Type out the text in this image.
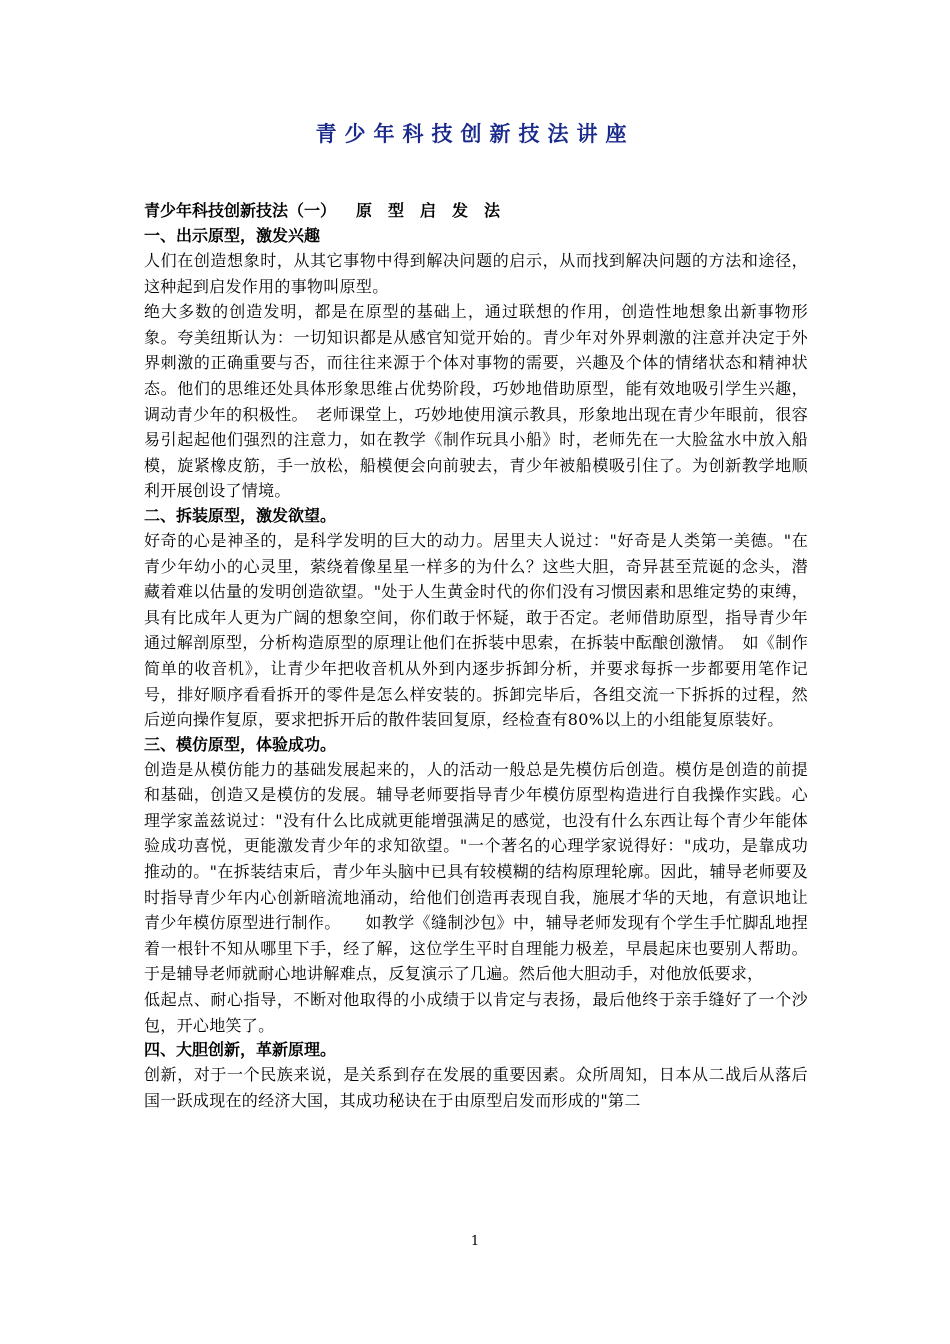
青少年科技创新技法讲座

青少年科技创新技法（一） 原型启发法

一、出示原型，激发兴趣

人们在创造想象时，从其它事物中得到解决问题的启示，从而找到解决问题的方法和途径，这种起到启发作用的事物叫原型。

绝大多数的创造发明，都是在原型的基础上，通过联想的作用，创造性地想象出新事物形象。夸美纽斯认为：一切知识都是从感官知觉开始的。青少年对外界刺激的注意并决定于外界刺激的正确重要与否，而往往来源于个体对事物的需要，兴趣及个体的情绪状态和精神状态。他们的思维还处具体形象思维占优势阶段，巧妙地借助原型，能有效地吸引学生兴趣，调动青少年的积极性。　老师课堂上，巧妙地使用演示教具，形象地出现在青少年眼前，很容易引起起他们强烈的注意力，如在教学《制作玩具小船》时，老师先在一大脸盆水中放入船模，旋紧橡皮筋，手一放松，船模便会向前驶去，青少年被船模吸引住了。为创新教学地顺利开展创设了情境。

二、拆装原型，激发欲望。

好奇的心是神圣的，是科学发明的巨大的动力。居里夫人说过："好奇是人类第一美德。"在青少年幼小的心灵里，萦绕着像星星一样多的为什么？这些大胆，奇异甚至荒诞的念头，潜藏着难以估量的发明创造欲望。"处于人生黄金时代的你们没有习惯因素和思维定势的束缚，具有比成年人更为广阔的想象空间，你们敢于怀疑，敢于否定。老师借助原型，指导青少年通过解剖原型，分析构造原型的原理让他们在拆装中思索，在拆装中酝酿创激情。　如《制作简单的收音机》，让青少年把收音机从外到内逐步拆卸分析，并要求每拆一步都要用笔作记号，排好顺序看看拆开的零件是怎么样安装的。拆卸完毕后，各组交流一下拆拆的过程，然后逆向操作复原，要求把拆开后的散件装回复原，经检查有80%以上的小组能复原装好。

三、模仿原型，体验成功。

创造是从模仿能力的基础发展起来的，人的活动一般总是先模仿后创造。模仿是创造的前提和基础，创造又是模仿的发展。辅导老师要指导青少年模仿原型构造进行自我操作实践。心理学家盖兹说过："没有什么比成就更能增强满足的感觉，也没有什么东西让每个青少年能体验成功喜悦，更能激发青少年的求知欲望。"一个著名的心理学家说得好："成功，是靠成功推动的。"在拆装结束后，青少年头脑中已具有较模糊的结构原理轮廓。因此，辅导老师要及时指导青少年内心创新暗流地涌动，给他们创造再表现自我，施展才华的天地，有意识地让青少年模仿原型进行制作。　　如教学《缝制沙包》中，辅导老师发现有个学生手忙脚乱地捏着一根针不知从哪里下手，经了解，这位学生平时自理能力极差，早晨起床也要别人帮助。于是辅导老师就耐心地讲解难点，反复演示了几遍。然后他大胆动手，对他放低要求，

低起点、耐心指导，不断对他取得的小成绩于以肯定与表扬，最后他终于亲手缝好了一个沙包，开心地笑了。

四、大胆创新，革新原理。

创新，对于一个民族来说，是关系到存在发展的重要因素。众所周知，日本从二战后从落后国一跃成现在的经济大国，其成功秘诀在于由原型启发而形成的"第二

1
